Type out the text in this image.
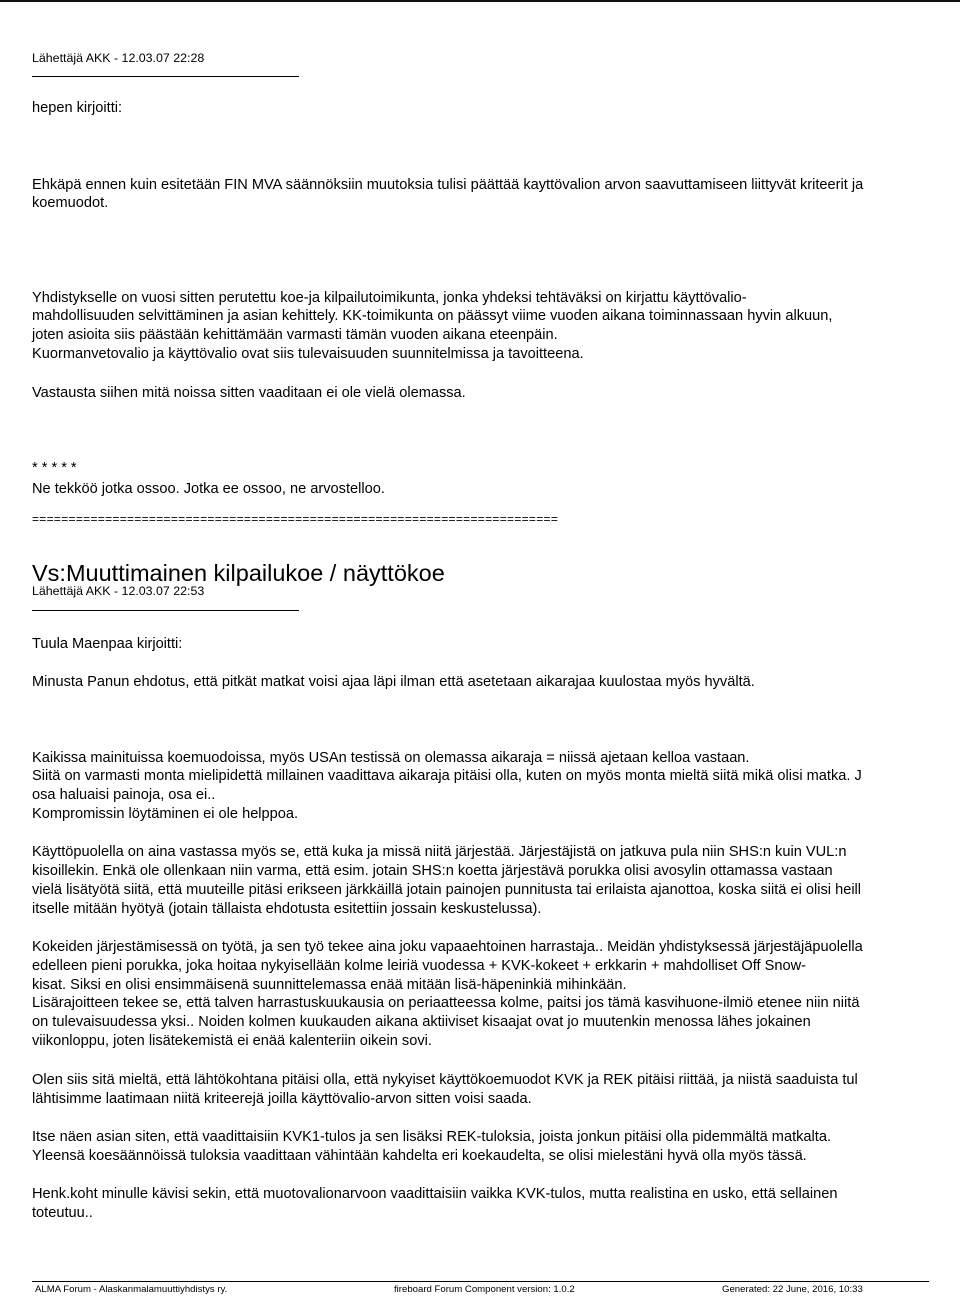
Lähettäjä AKK - 12.03.07 22:28
hepen kirjoitti:
Ehkäpä ennen kuin esitetään FIN MVA säännöksiin muutoksia tulisi päättää kayttövalion arvon saavuttamiseen liittyvät kriteerit ja
koemuodot.
Yhdistykselle on vuosi sitten perutettu koe-ja kilpailutoimikunta, jonka yhdeksi tehtäväksi on kirjattu käyttövalio-
mahdollisuuden selvittäminen ja asian kehittely. KK-toimikunta on päässyt viime vuoden aikana toiminnassaan hyvin alkuun,
joten asioita siis päästään kehittämään varmasti tämän vuoden aikana eteenpäin.
Kuormanvetovalio ja käyttövalio ovat siis tulevaisuuden suunnitelmissa ja tavoitteena.
Vastausta siihen mitä noissa sitten vaaditaan ei ole vielä olemassa.
* * * * *
Ne tekköö jotka ossoo. Jotka ee ossoo, ne arvostelloo.
========================================================================
Vs:Muuttimainen kilpailukoe / näyttökoe
Lähettäjä AKK - 12.03.07 22:53
Tuula Maenpaa kirjoitti:
Minusta Panun ehdotus, että pitkät matkat voisi ajaa läpi ilman että asetetaan aikarajaa kuulostaa myös hyvältä.
Kaikissa mainituissa koemuodoissa, myös USAn testissä on olemassa aikaraja = niissä ajetaan kelloa vastaan.
Siitä on varmasti monta mielipidettä millainen vaadittava aikaraja pitäisi olla, kuten on myös monta mieltä siitä mikä olisi matka. J
osa haluaisi painoja, osa ei..
Kompromissin löytäminen ei ole helppoa.
Käyttöpuolella on aina vastassa myös se, että kuka ja missä niitä järjestää. Järjestäjistä on jatkuva pula niin SHS:n kuin VUL:n
kisoillekin. Enkä ole ollenkaan niin varma, että esim. jotain SHS:n koetta järjestävä porukka olisi avosylin ottamassa vastaan
vielä lisätyötä siitä, että muuteille pitäsi erikseen järkkäillä jotain painojen punnitusta tai erilaista ajanottoa, koska siitä ei olisi heill
itselle mitään hyötyä (jotain tällaista ehdotusta esitettiin jossain keskustelussa).
Kokeiden järjestämisessä on työtä, ja sen työ tekee aina joku vapaaehtoinen harrastaja.. Meidän yhdistyksessä järjestäjäpuolella
edelleen pieni porukka, joka hoitaa nykyisellään kolme leiriä vuodessa + KVK-kokeet + erkkarin + mahdolliset Off Snow-
kisat. Siksi en olisi ensimmäisenä suunnittelemassa enää mitään lisä-häpeninkiä mihinkään.
Lisärajoitteen tekee se, että talven harrastuskuukausia on periaatteessa kolme, paitsi jos tämä kasvihuone-ilmiö etenee niin niitä
on tulevaisuudessa yksi.. Noiden kolmen kuukauden aikana aktiiviset kisaajat ovat jo muutenkin menossa lähes jokainen
viikonloppu, joten lisätekemistä ei enää kalenteriin oikein sovi.
Olen siis sitä mieltä, että lähtökohtana pitäisi olla, että nykyiset käyttökoemuodot KVK ja REK pitäisi riittää, ja niistä saaduista tul
lähtisimme laatimaan niitä kriteerejä joilla käyttövalio-arvon sitten voisi saada.
Itse näen asian siten, että vaadittaisiin KVK1-tulos ja sen lisäksi REK-tuloksia, joista jonkun pitäisi olla pidemmältä matkalta.
Yleensä koesäännöissä tuloksia vaadittaan vähintään kahdelta eri koekaudelta, se olisi mielestäni hyvä olla myös tässä.
Henk.koht minulle kävisi sekin, että muotovalionarvoon vaadittaisiin vaikka KVK-tulos, mutta realistina en usko, että sellainen
toteutuu..
ALMA Forum - Alaskanmalamuuttiyhdistys ry.	fireboard Forum Component version: 1.0.2	Generated: 22 June, 2016, 10:33
